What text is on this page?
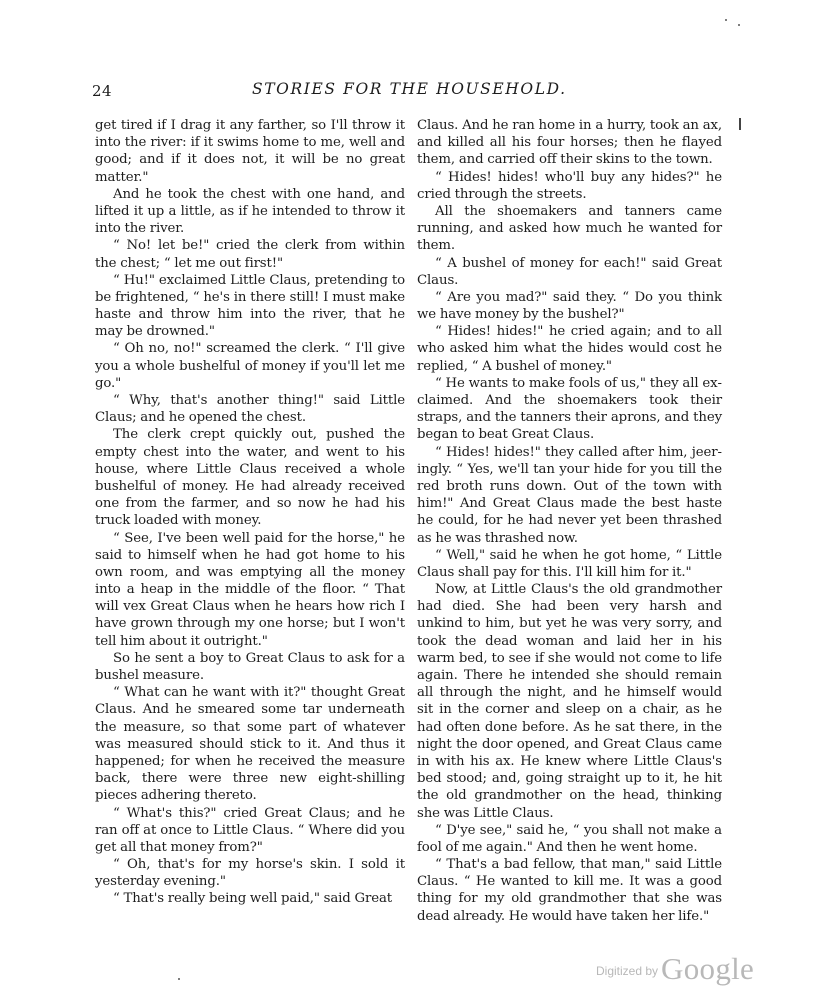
24	STORIES FOR THE HOUSEHOLD.

get tired if I drag it any farther, so I'll throw it into the river: if it swims home to me, well and good; and if it does not, it will be no great matter."

And he took the chest with one hand, and lifted it up a little, as if he intended to throw it into the river.

“ No! let be!" cried the clerk from within the chest; “ let me out first!"

“ Hu!" exclaimed Little Claus, pretending to be frightened, “ he's in there still! I must make haste and throw him into the river, that he may be drowned."

“ Oh no, no!" screamed the clerk. “ I'll give you a whole bushelful of money if you'll let me go."

“ Why, that's another thing!" said Little Claus; and he opened the chest.

The clerk crept quickly out, pushed the empty chest into the water, and went to his house, where Little Claus received a whole bushelful of money. He had already received one from the farmer, and so now he had his truck loaded with money.

“ See, I've been well paid for the horse," he said to himself when he had got home to his own room, and was emptying all the money into a heap in the middle of the floor. “ That will vex Great Claus when he hears how rich I have grown through my one horse; but I won't tell him about it outright."

So he sent a boy to Great Claus to ask for a bushel measure.

“ What can he want with it?" thought Great Claus. And he smeared some tar underneath the measure, so that some part of whatever was measured should stick to it. And thus it happened; for when he received the measure back, there were three new eight-shilling pieces adhering thereto.

“ What's this?" cried Great Claus; and he ran off at once to Little Claus. “ Where did you get all that money from?"

“ Oh, that's for my horse's skin. I sold it yesterday evening."

“ That's really being well paid," said Great

Claus. And he ran home in a hurry, took an ax, and killed all his four horses; then he flayed them, and carried off their skins to the town.

“ Hides! hides! who'll buy any hides?" he cried through the streets.

All the shoemakers and tanners came running, and asked how much he wanted for them.

“ A bushel of money for each!" said Great Claus.

“ Are you mad?" said they. “ Do you think we have money by the bushel?"

“ Hides! hides!" he cried again; and to all who asked him what the hides would cost he replied, “ A bushel of money."

“ He wants to make fools of us," they all exclaimed. And the shoemakers took their straps, and the tanners their aprons, and they began to beat Great Claus.

“ Hides! hides!" they called after him, jeeringly. “ Yes, we'll tan your hide for you till the red broth runs down. Out of the town with him!" And Great Claus made the best haste he could, for he had never yet been thrashed as he was thrashed now.

“ Well," said he when he got home, “ Little Claus shall pay for this. I'll kill him for it."

Now, at Little Claus's the old grandmother had died. She had been very harsh and unkind to him, but yet he was very sorry, and took the dead woman and laid her in his warm bed, to see if she would not come to life again. There he intended she should remain all through the night, and he himself would sit in the corner and sleep on a chair, as he had often done before. As he sat there, in the night the door opened, and Great Claus came in with his ax. He knew where Little Claus's bed stood; and, going straight up to it, he hit the old grandmother on the head, thinking she was Little Claus.

“ D'ye see," said he, “ you shall not make a fool of me again." And then he went home.

“ That's a bad fellow, that man," said Little Claus. “ He wanted to kill me. It was a good thing for my old grandmother that she was dead already. He would have taken her life."

$^{Digitized by}$Google
